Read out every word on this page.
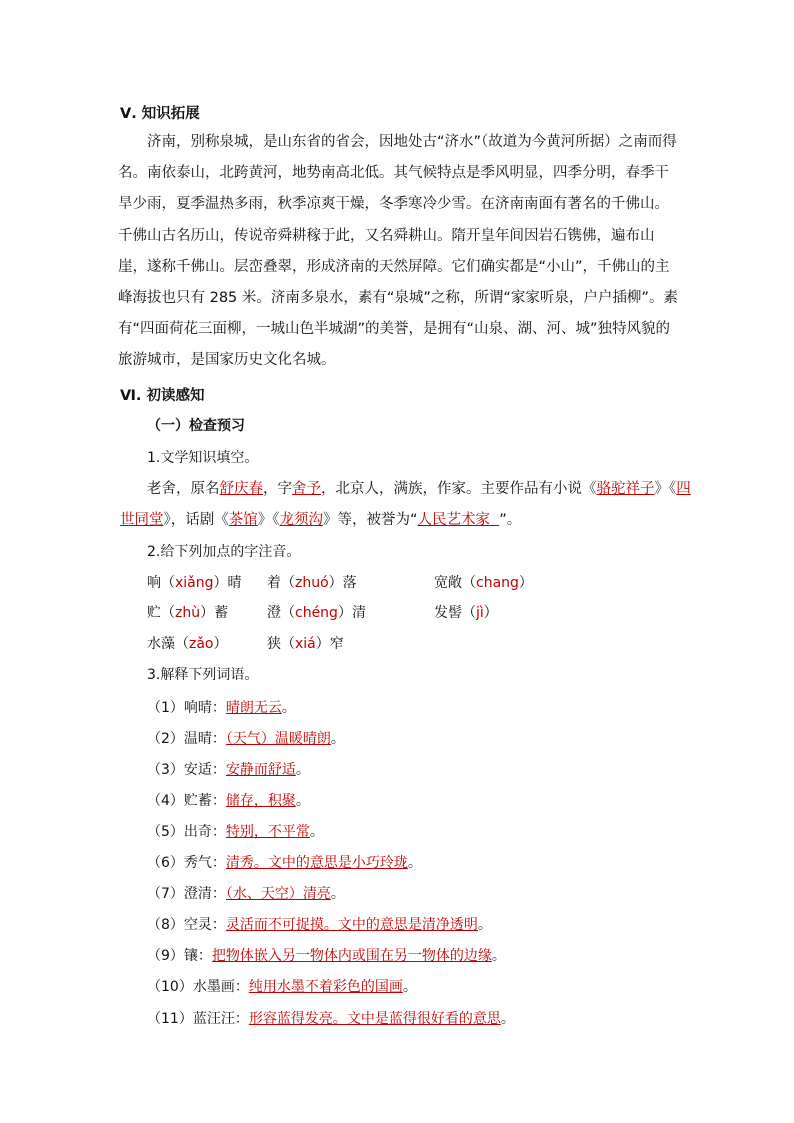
Ⅴ. 知识拓展
济南，别称泉城，是山东省的省会，因地处古“济水”（故道为今黄河所据）之南而得名。南依泰山，北跨黄河，地势南高北低。其气候特点是季风明显，四季分明，春季干旱少雨，夏季温热多雨，秋季凉爽干燥，冬季寒冷少雪。在济南南面有著名的千佛山。千佛山古名历山，传说帝舜耕稼于此，又名舜耕山。隋开皇年间因岩石镌佛，遍布山崖，遂称千佛山。层峦叠翠，形成济南的天然屏障。它们确实都是“小山”，千佛山的主峰海拔也只有 285 米。济南多泉水，素有“泉城”之称，所谓“家家听泉，户户插柳”。素有“四面荷花三面柳，一城山色半城湖”的美誉，是拥有“山泉、湖、河、城”独特风貌的旅游城市，是国家历史文化名城。
Ⅵ. 初读感知
（一）检查预习
1.文学知识填空。
老舍，原名舒庆春，字舍予，北京人，满族，作家。主要作品有小说《骆驼祥子》《四
世同堂》，话剧《茶馆》《龙须沟》等，被誉为“人民艺术家 ”。
2.给下列加点的字注音。
响（xiǎng）晴 着（zhuó）落	宽敞（chang）
贮（zhù）蓄	澄（chéng）清	发髻（jì）
水藻（zǎo）	狭（xiá）窄
3.解释下列词语。
（1）响晴：晴朗无云。
（2）温晴：（天气）温暖晴朗。
（3）安适：安静而舒适。
（4）贮蓄：储存，积聚。
（5）出奇：特别，不平常。
（6）秀气：清秀。文中的意思是小巧玲珑。
（7）澄清：（水、天空）清亮。
（8）空灵：灵活而不可捉摸。文中的意思是清净透明。
（9）镶：把物体嵌入另一物体内或围在另一物体的边缘。
（10）水墨画：纯用水墨不着彩色的国画。
（11）蓝汪汪：形容蓝得发亮。文中是蓝得很好看的意思。
